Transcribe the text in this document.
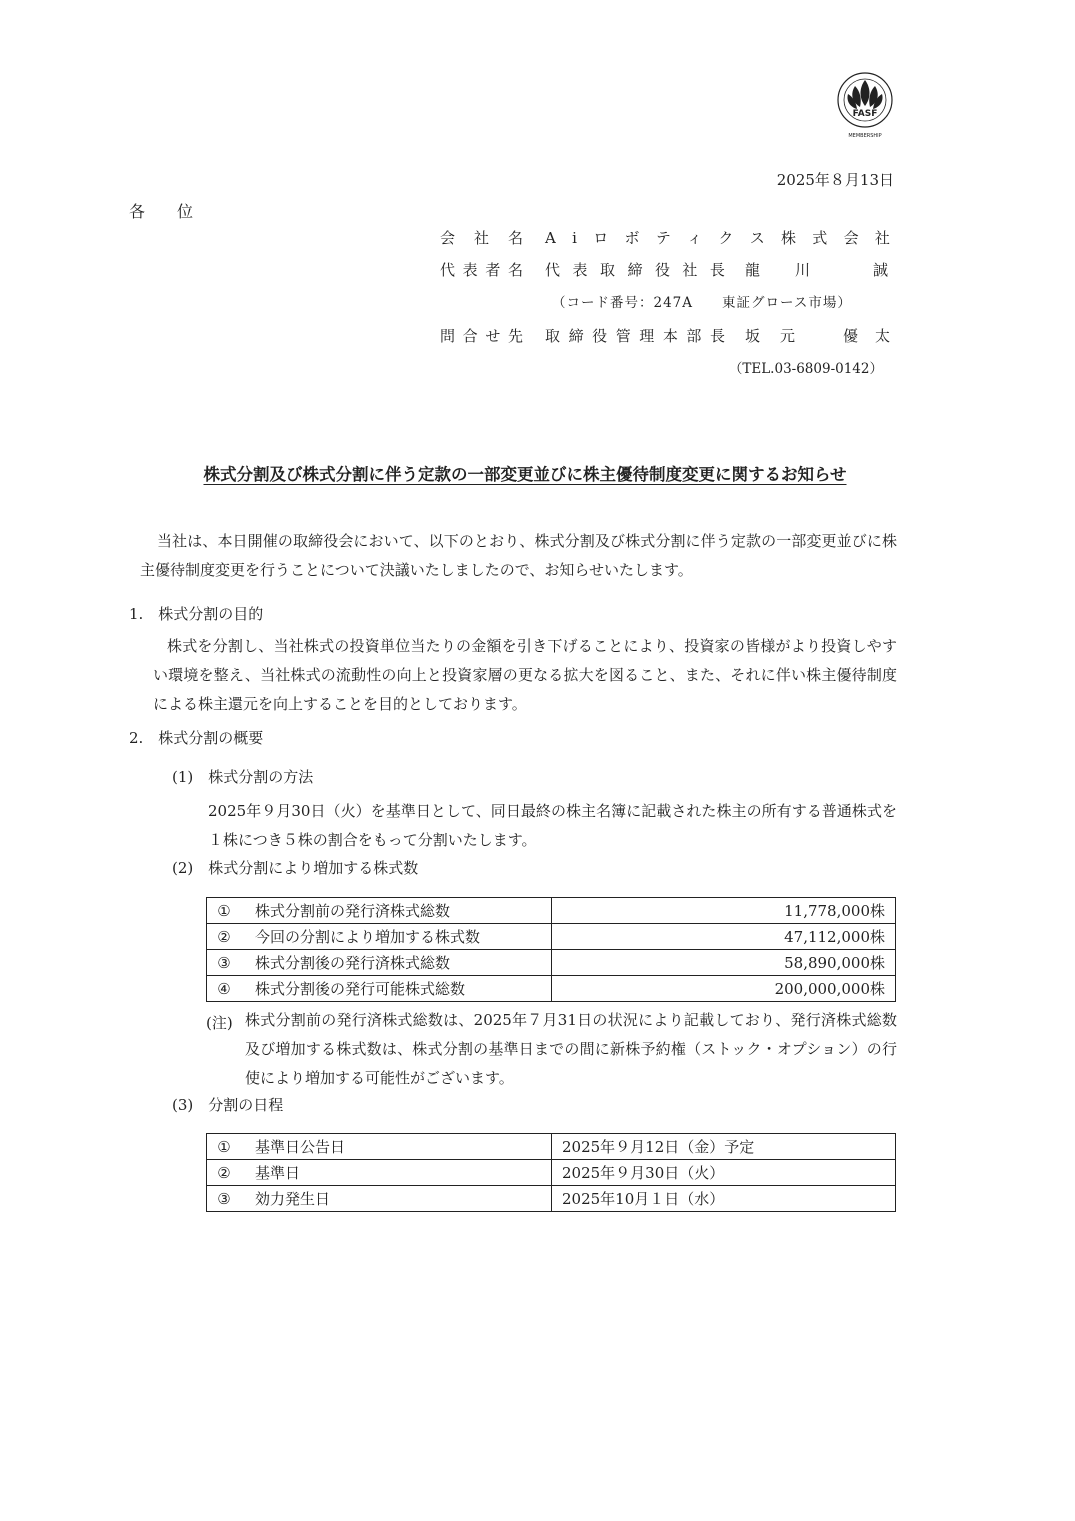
FASF
MEMBERSHIP
2025年８月13日
各　　位
会 社 名 A i ロ ボ テ ィ ク ス 株 式 会 社
代 表 者 名 代 表 取 締 役 社 長 龍 川	誠
（コード番号：247A　　東証グロース市場）
問 合 せ 先 取 締 役 管 理 本 部 長 坂 元	優 太
（TEL.03-6809-0142）
株式分割及び株式分割に伴う定款の一部変更並びに株主優待制度変更に関するお知らせ
当社は、本日開催の取締役会において、以下のとおり、株式分割及び株式分割に伴う定款の一部変更並びに株主優待制度変更を行うことについて決議いたしましたので、お知らせいたします。
1.　株式分割の目的
株式を分割し、当社株式の投資単位当たりの金額を引き下げることにより、投資家の皆様がより投資しやすい環境を整え、当社株式の流動性の向上と投資家層の更なる拡大を図ること、また、それに伴い株主優待制度による株主還元を向上することを目的としております。
2.　株式分割の概要
(1)　株式分割の方法
2025年９月30日（火）を基準日として、同日最終の株主名簿に記載された株主の所有する普通株式を１株につき５株の割合をもって分割いたします。
(2)　株式分割により増加する株式数
① 株式分割前の発行済株式総数	11,778,000株
② 今回の分割により増加する株式数	47,112,000株
③ 株式分割後の発行済株式総数	58,890,000株
④ 株式分割後の発行可能株式総数	200,000,000株
(注) 株式分割前の発行済株式総数は、2025年７月31日の状況により記載しており、発行済株式総数及び増加する株式数は、株式分割の基準日までの間に新株予約権（ストック・オプション）の行使により増加する可能性がございます。
(3)　分割の日程
① 基準日公告日	2025年９月12日（金）予定
② 基準日	2025年９月30日（火）
③ 効力発生日	2025年10月１日（水）
